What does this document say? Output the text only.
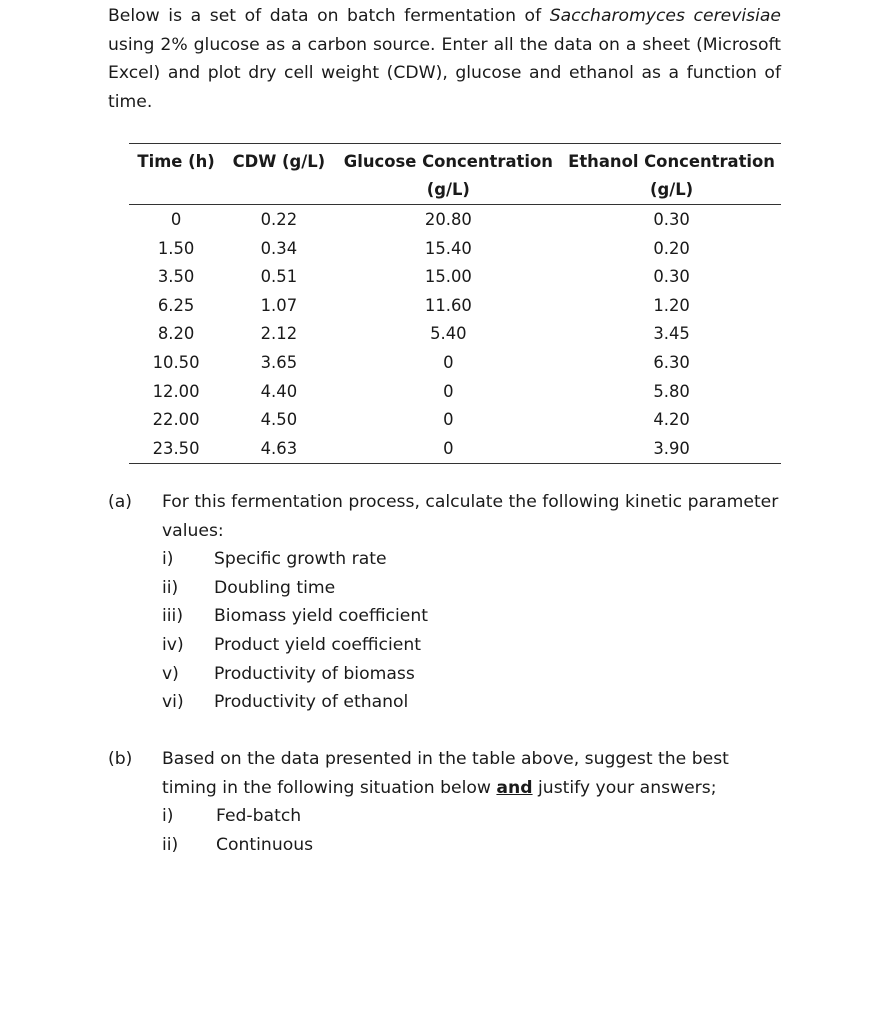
Below is a set of data on batch fermentation of Saccharomyces cerevisiae using 2% glucose as a carbon source. Enter all the data on a sheet (Microsoft Excel) and plot dry cell weight (CDW), glucose and ethanol as a function of time.
Time (h)	CDW (g/L)	Glucose Concentration	Ethanol Concentration
		(g/L)	(g/L)
0	0.22	20.80	0.30
1.50	0.34	15.40	0.20
3.50	0.51	15.00	0.30
6.25	1.07	11.60	1.20
8.20	2.12	5.40	3.45
10.50	3.65	0	6.30
12.00	4.40	0	5.80
22.00	4.50	0	4.20
23.50	4.63	0	3.90
(a) For this fermentation process, calculate the following kinetic parameter values:
i) Specific growth rate
ii) Doubling time
iii) Biomass yield coefficient
iv) Product yield coefficient
v) Productivity of biomass
vi) Productivity of ethanol
(b) Based on the data presented in the table above, suggest the best timing in the following situation below and justify your answers;
i) Fed-batch
ii) Continuous
